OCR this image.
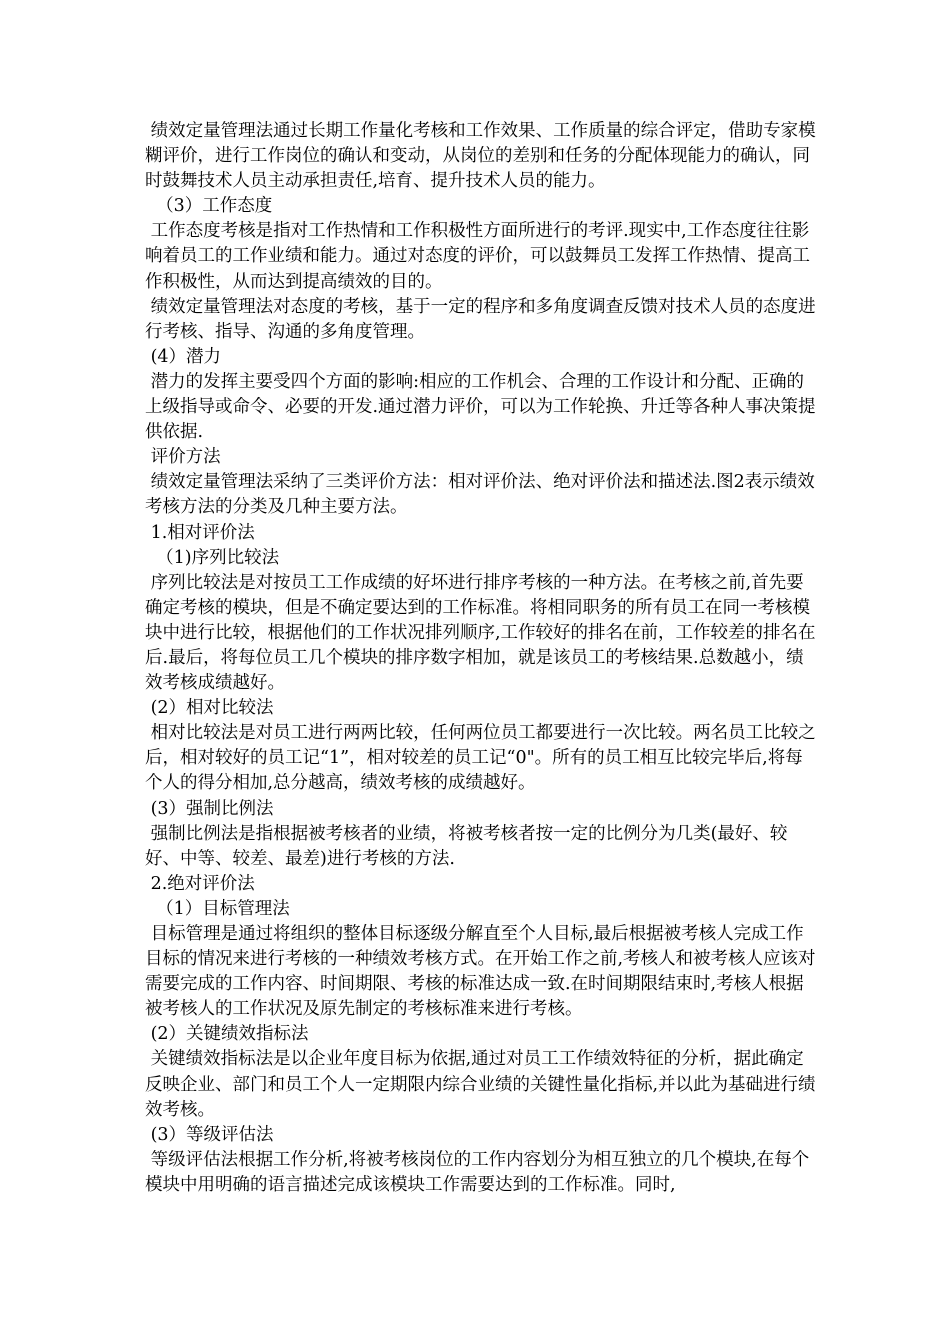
绩效定量管理法通过长期工作量化考核和工作效果、工作质量的综合评定，借助专家模糊评价，进行工作岗位的确认和变动，从岗位的差别和任务的分配体现能力的确认，同时鼓舞技术人员主动承担责任,培育、提升技术人员的能力。

（3）工作态度

工作态度考核是指对工作热情和工作积极性方面所进行的考评.现实中,工作态度往往影响着员工的工作业绩和能力。通过对态度的评价，可以鼓舞员工发挥工作热情、提高工作积极性，从而达到提高绩效的目的。

绩效定量管理法对态度的考核，基于一定的程序和多角度调查反馈对技术人员的态度进行考核、指导、沟通的多角度管理。

(4）潜力

潜力的发挥主要受四个方面的影响:相应的工作机会、合理的工作设计和分配、正确的上级指导或命令、必要的开发.通过潜力评价，可以为工作轮换、升迁等各种人事决策提供依据.

评价方法

绩效定量管理法采纳了三类评价方法：相对评价法、绝对评价法和描述法.图2表示绩效考核方法的分类及几种主要方法。

1.相对评价法

（1)序列比较法

序列比较法是对按员工工作成绩的好坏进行排序考核的一种方法。在考核之前,首先要确定考核的模块，但是不确定要达到的工作标准。将相同职务的所有员工在同一考核模块中进行比较，根据他们的工作状况排列顺序,工作较好的排名在前，工作较差的排名在后.最后，将每位员工几个模块的排序数字相加，就是该员工的考核结果.总数越小，绩效考核成绩越好。

(2）相对比较法

相对比较法是对员工进行两两比较，任何两位员工都要进行一次比较。两名员工比较之后，相对较好的员工记“1”，相对较差的员工记“0"。所有的员工相互比较完毕后,将每个人的得分相加,总分越高，绩效考核的成绩越好。

(3）强制比例法

强制比例法是指根据被考核者的业绩，将被考核者按一定的比例分为几类(最好、较好、中等、较差、最差)进行考核的方法.

2.绝对评价法

（1）目标管理法

目标管理是通过将组织的整体目标逐级分解直至个人目标,最后根据被考核人完成工作目标的情况来进行考核的一种绩效考核方式。在开始工作之前,考核人和被考核人应该对需要完成的工作内容、时间期限、考核的标准达成一致.在时间期限结束时,考核人根据被考核人的工作状况及原先制定的考核标准来进行考核。

(2）关键绩效指标法

关键绩效指标法是以企业年度目标为依据,通过对员工工作绩效特征的分析，据此确定反映企业、部门和员工个人一定期限内综合业绩的关键性量化指标,并以此为基础进行绩效考核。

(3）等级评估法

等级评估法根据工作分析,将被考核岗位的工作内容划分为相互独立的几个模块,在每个模块中用明确的语言描述完成该模块工作需要达到的工作标准。同时,
